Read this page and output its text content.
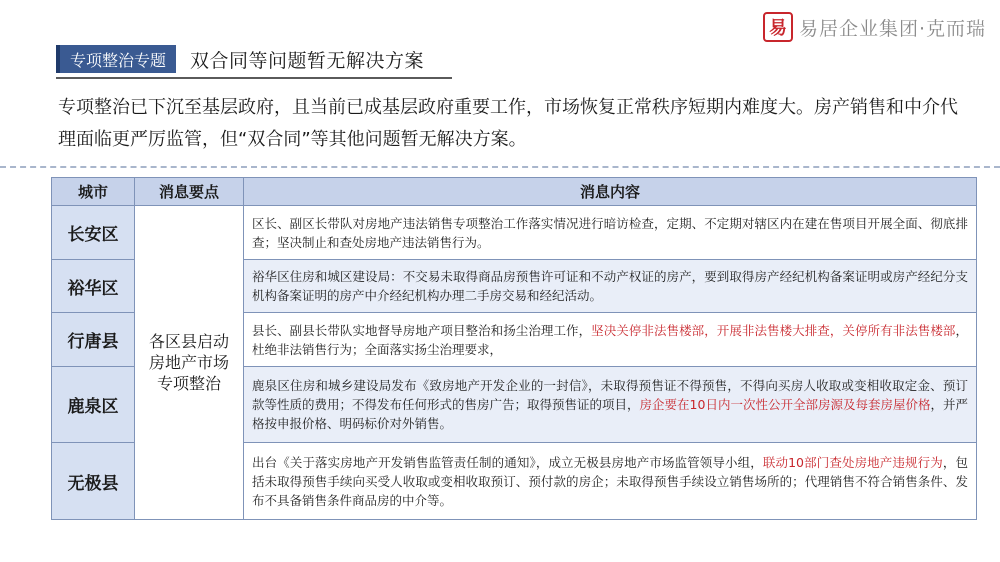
易 易居企业集团·克而瑞
专项整治专题	双合同等问题暂无解决方案
专项整治已下沉至基层政府，且当前已成基层政府重要工作，市场恢复正常秩序短期内难度大。房产销售和中介代理面临更严厉监管，但“双合同”等其他问题暂无解决方案。
城市	消息要点	消息内容
长安区	各区县启动房地产市场专项整治	区长、副区长带队对房地产违法销售专项整治工作落实情况进行暗访检查，定期、不定期对辖区内在建在售项目开展全面、彻底排查；坚决制止和查处房地产违法销售行为。
裕华区		裕华区住房和城区建设局：不交易未取得商品房预售许可证和不动产权证的房产，要到取得房产经纪机构备案证明或房产经纪分支机构备案证明的房产中介经纪机构办理二手房交易和经纪活动。
行唐县		县长、副县长带队实地督导房地产项目整治和扬尘治理工作，坚决关停非法售楼部，开展非法售楼大排查，关停所有非法售楼部，杜绝非法销售行为；全面落实扬尘治理要求，
鹿泉区		鹿泉区住房和城乡建设局发布《致房地产开发企业的一封信》，未取得预售证不得预售，不得向买房人收取或变相收取定金、预订款等性质的费用；不得发布任何形式的售房广告；取得预售证的项目，房企要在10日内一次性公开全部房源及每套房屋价格，并严格按申报价格、明码标价对外销售。
无极县		出台《关于落实房地产开发销售监管责任制的通知》，成立无极县房地产市场监管领导小组，联动10部门查处房地产违规行为，包括未取得预售手续向买受人收取或变相收取预订、预付款的房企；未取得预售手续设立销售场所的；代理销售不符合销售条件、发布不具备销售条件商品房的中介等。
